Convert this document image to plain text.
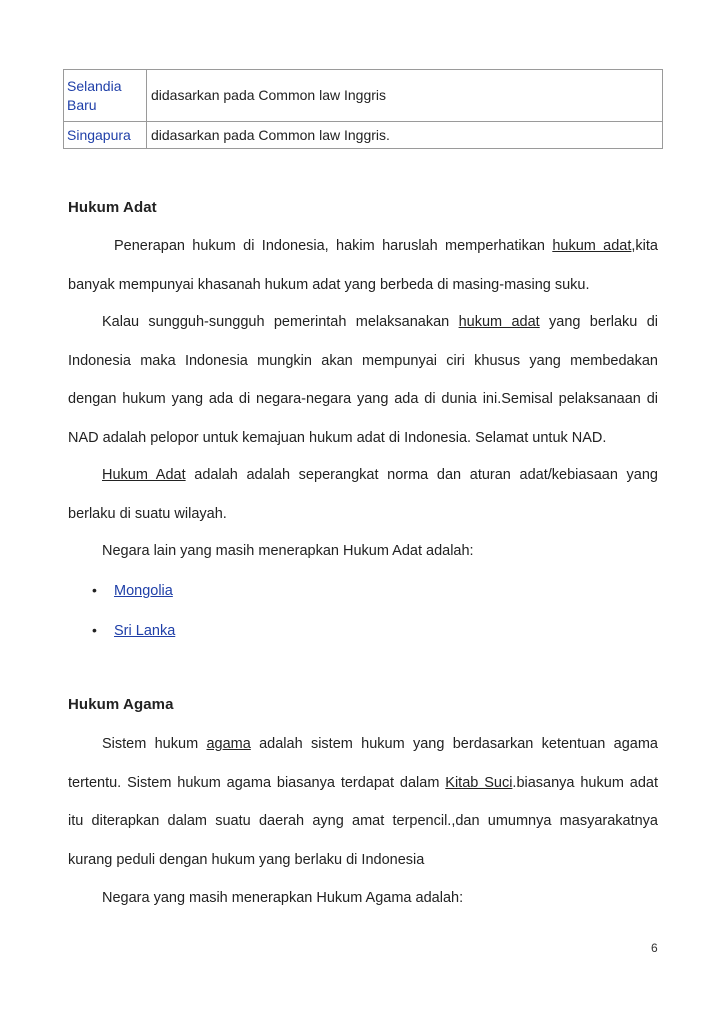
Selandia Baru	didasarkan pada Common law Inggris
Singapura	didasarkan pada Common law Inggris.
Hukum Adat

Penerapan hukum di Indonesia, hakim haruslah memperhatikan hukum adat,kita banyak mempunyai khasanah hukum adat yang berbeda di masing-masing suku.

Kalau sungguh-sungguh pemerintah melaksanakan hukum adat yang berlaku di Indonesia maka Indonesia mungkin akan mempunyai ciri khusus yang membedakan dengan hukum yang ada di negara-negara yang ada di dunia ini.Semisal pelaksanaan di NAD adalah pelopor untuk kemajuan hukum adat di Indonesia. Selamat untuk NAD.

Hukum Adat adalah adalah seperangkat norma dan aturan adat/kebiasaan yang berlaku di suatu wilayah.

Negara lain yang masih menerapkan Hukum Adat adalah:

• Mongolia
• Sri Lanka
Hukum Agama

Sistem hukum agama adalah sistem hukum yang berdasarkan ketentuan agama tertentu. Sistem hukum agama biasanya terdapat dalam Kitab Suci.biasanya hukum adat itu diterapkan dalam suatu daerah ayng amat terpencil.,dan umumnya masyarakatnya kurang peduli dengan hukum yang berlaku di Indonesia

Negara yang masih menerapkan Hukum Agama adalah:

6
